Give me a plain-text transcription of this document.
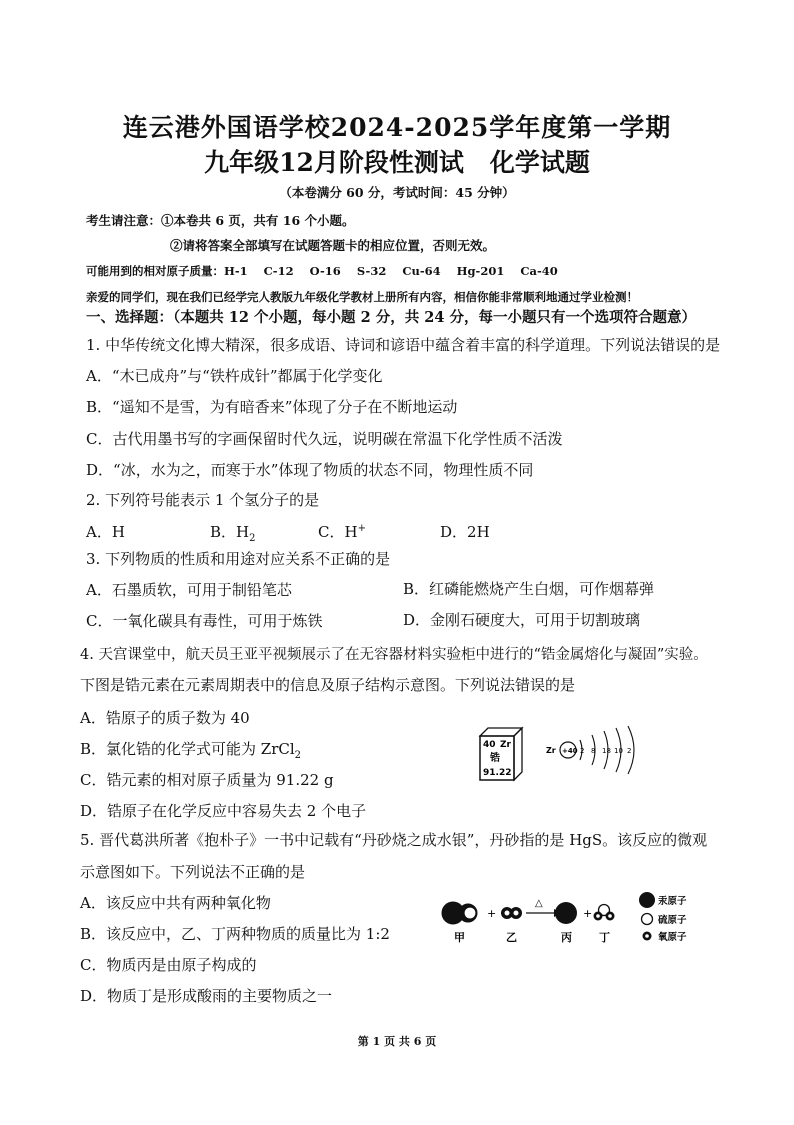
连云港外国语学校2024-2025学年度第一学期
九年级12月阶段性测试 化学试题
（本卷满分 60 分，考试时间：45 分钟）
考生请注意：①本卷共 6 页，共有 16 个小题。
②请将答案全部填写在试题答题卡的相应位置，否则无效。
可能用到的相对原子质量：H-1    C-12    O-16    S-32    Cu-64    Hg-201    Ca-40
亲爱的同学们，现在我们已经学完人教版九年级化学教材上册所有内容，相信你能非常顺利地通过学业检测！
一、选择题：（本题共 12 个小题，每小题 2 分，共 24 分，每一小题只有一个选项符合题意）
1. 中华传统文化博大精深，很多成语、诗词和谚语中蕴含着丰富的科学道理。下列说法错误的是
A．“木已成舟”与“铁杵成针”都属于化学变化
B．“遥知不是雪，为有暗香来”体现了分子在不断地运动
C．古代用墨书写的字画保留时代久远，说明碳在常温下化学性质不活泼
D．“冰，水为之，而寒于水”体现了物质的状态不同，物理性质不同
2. 下列符号能表示 1 个氢分子的是
A．H	B．$H_2$	C．H+	D．2H
3. 下列物质的性质和用途对应关系不正确的是
A．石墨质软，可用于制铅笔芯	B．红磷能燃烧产生白烟，可作烟幕弹
C．一氧化碳具有毒性，可用于炼铁	D．金刚石硬度大，可用于切割玻璃
4. 天宫课堂中，航天员王亚平视频展示了在无容器材料实验柜中进行的“锆金属熔化与凝固”实验。
下图是锆元素在元素周期表中的信息及原子结构示意图。下列说法错误的是
A．锆原子的质子数为 40
B．氯化锆的化学式可能为 ZrCl$_2$
C．锆元素的相对原子质量为 91.22 g
D．锆原子在化学反应中容易失去 2 个电子
40 Zr
锆
91.22
Zr +40 2 8 18 10 2
5. 晋代葛洪所著《抱朴子》一书中记载有“丹砂烧之成水银”，丹砂指的是 HgS。该反应的微观
示意图如下。下列说法不正确的是
A．该反应中共有两种氧化物
B．该反应中，乙、丁两种物质的质量比为 1:2
C．物质丙是由原子构成的
D．物质丁是形成酸雨的主要物质之一
+
△
+
甲	乙	丙 丁
汞原子
硫原子
氧原子
第 1 页 共 6 页
